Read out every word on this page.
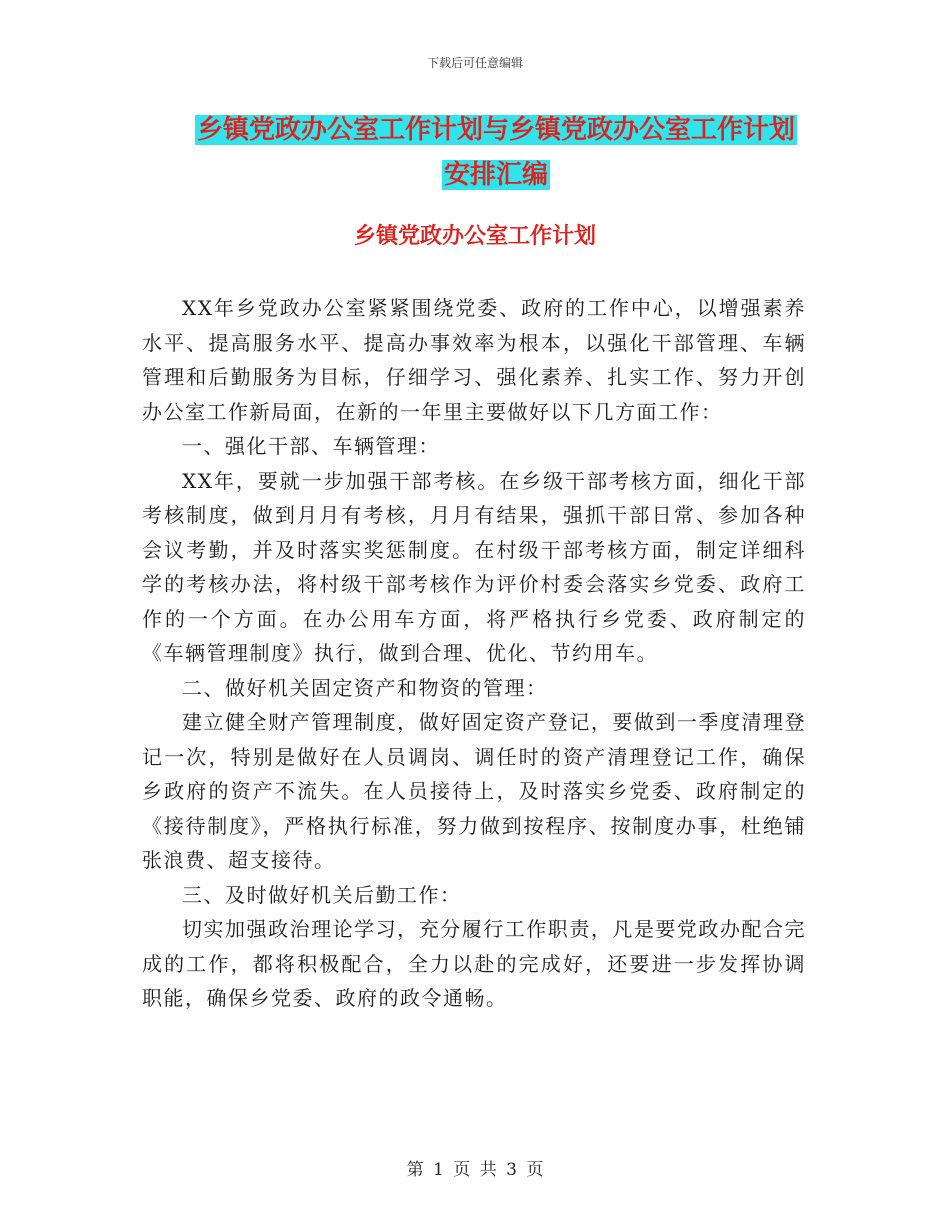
下载后可任意编辑
乡镇党政办公室工作计划与乡镇党政办公室工作计划
安排汇编
乡镇党政办公室工作计划

XX年乡党政办公室紧紧围绕党委、政府的工作中心，以增强素养水平、提高服务水平、提高办事效率为根本，以强化干部管理、车辆管理和后勤服务为目标，仔细学习、强化素养、扎实工作、努力开创办公室工作新局面，在新的一年里主要做好以下几方面工作：

一、强化干部、车辆管理：

XX年，要就一步加强干部考核。在乡级干部考核方面，细化干部考核制度，做到月月有考核，月月有结果，强抓干部日常、参加各种会议考勤，并及时落实奖惩制度。在村级干部考核方面，制定详细科学的考核办法，将村级干部考核作为评价村委会落实乡党委、政府工作的一个方面。在办公用车方面，将严格执行乡党委、政府制定的《车辆管理制度》执行，做到合理、优化、节约用车。

二、做好机关固定资产和物资的管理：

建立健全财产管理制度，做好固定资产登记，要做到一季度清理登记一次，特别是做好在人员调岗、调任时的资产清理登记工作，确保乡政府的资产不流失。在人员接待上，及时落实乡党委、政府制定的《接待制度》，严格执行标准，努力做到按程序、按制度办事，杜绝铺张浪费、超支接待。

三、及时做好机关后勤工作：

切实加强政治理论学习，充分履行工作职责，凡是要党政办配合完成的工作，都将积极配合，全力以赴的完成好，还要进一步发挥协调职能，确保乡党委、政府的政令通畅。

第 1 页 共 3 页
